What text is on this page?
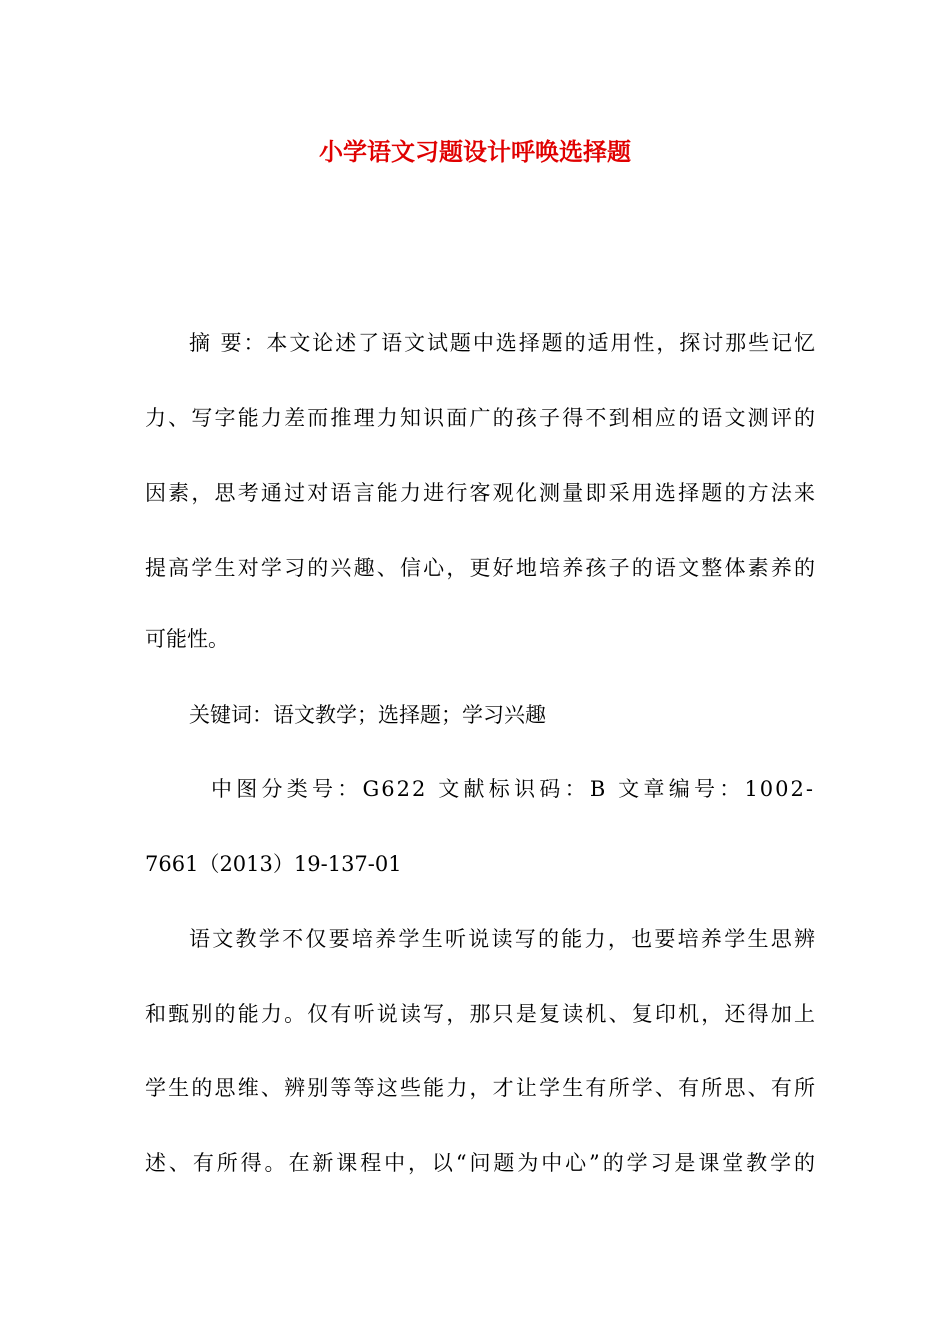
小学语文习题设计呼唤选择题
摘 要：本文论述了语文试题中选择题的适用性，探讨那些记忆
力、写字能力差而推理力知识面广的孩子得不到相应的语文测评的
因素，思考通过对语言能力进行客观化测量即采用选择题的方法来
提高学生对学习的兴趣、信心，更好地培养孩子的语文整体素养的
可能性。
关键词：语文教学；选择题；学习兴趣
中图分类号：G622 文献标识码：B 文章编号：1002-
7661（2013）19-137-01
语文教学不仅要培养学生听说读写的能力，也要培养学生思辨
和甄别的能力。仅有听说读写，那只是复读机、复印机，还得加上
学生的思维、辨别等等这些能力，才让学生有所学、有所思、有所
述、有所得。在新课程中，以“问题为中心”的学习是课堂教学的
